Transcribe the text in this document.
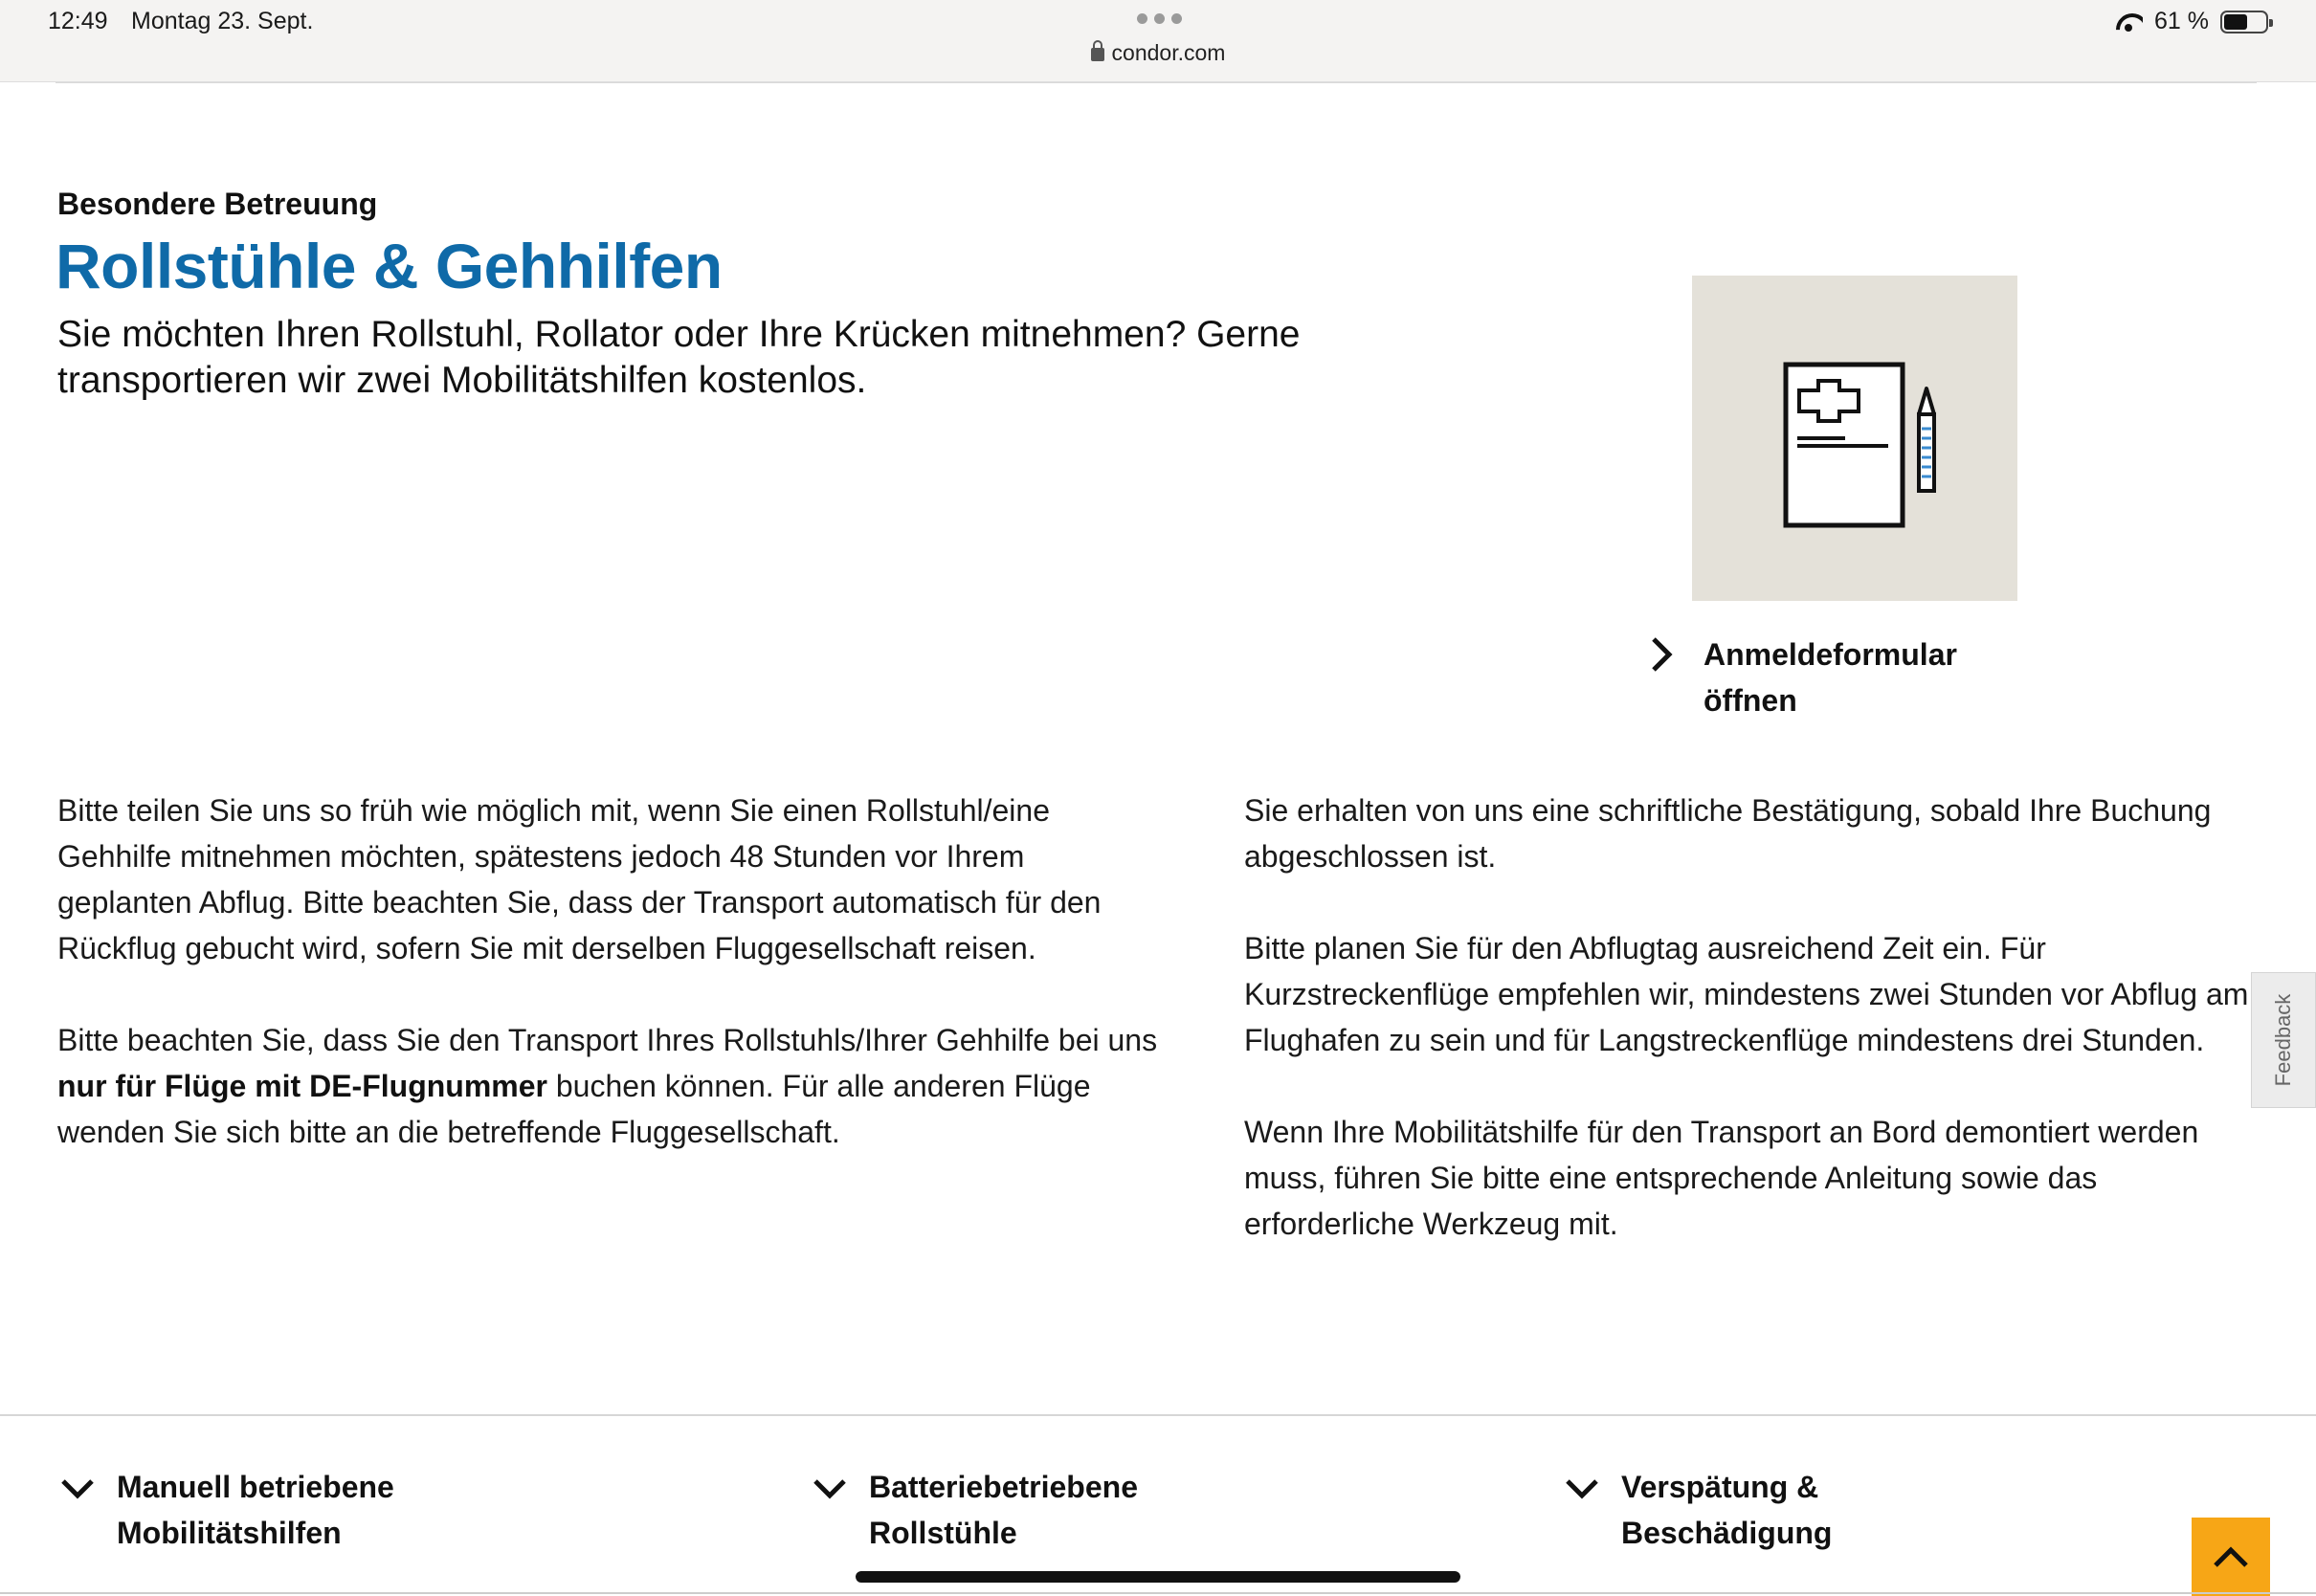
12:49 Montag 23. Sept.
condor.com
61 %
Besondere Betreuung
Rollstühle & Gehhilfen
Sie möchten Ihren Rollstuhl, Rollator oder Ihre Krücken mitnehmen? Gerne transportieren wir zwei Mobilitätshilfen kostenlos.
Anmeldeformular öffnen

Bitte teilen Sie uns so früh wie möglich mit, wenn Sie einen Rollstuhl/eine Gehhilfe mitnehmen möchten, spätestens jedoch 48 Stunden vor Ihrem geplanten Abflug. Bitte beachten Sie, dass der Transport automatisch für den Rückflug gebucht wird, sofern Sie mit derselben Fluggesellschaft reisen.

Bitte beachten Sie, dass Sie den Transport Ihres Rollstuhls/Ihrer Gehhilfe bei uns nur für Flüge mit DE-Flugnummer buchen können. Für alle anderen Flüge wenden Sie sich bitte an die betreffende Fluggesellschaft.

Sie erhalten von uns eine schriftliche Bestätigung, sobald Ihre Buchung abgeschlossen ist.

Bitte planen Sie für den Abflugtag ausreichend Zeit ein. Für Kurzstreckenflüge empfehlen wir, mindestens zwei Stunden vor Abflug am Flughafen zu sein und für Langstreckenflüge mindestens drei Stunden.

Wenn Ihre Mobilitätshilfe für den Transport an Bord demontiert werden muss, führen Sie bitte eine entsprechende Anleitung sowie das erforderliche Werkzeug mit.

Feedback
Manuell betriebene
Mobilitätshilfen
Batteriebetriebene
Rollstühle
Verspätung &
Beschädigung
